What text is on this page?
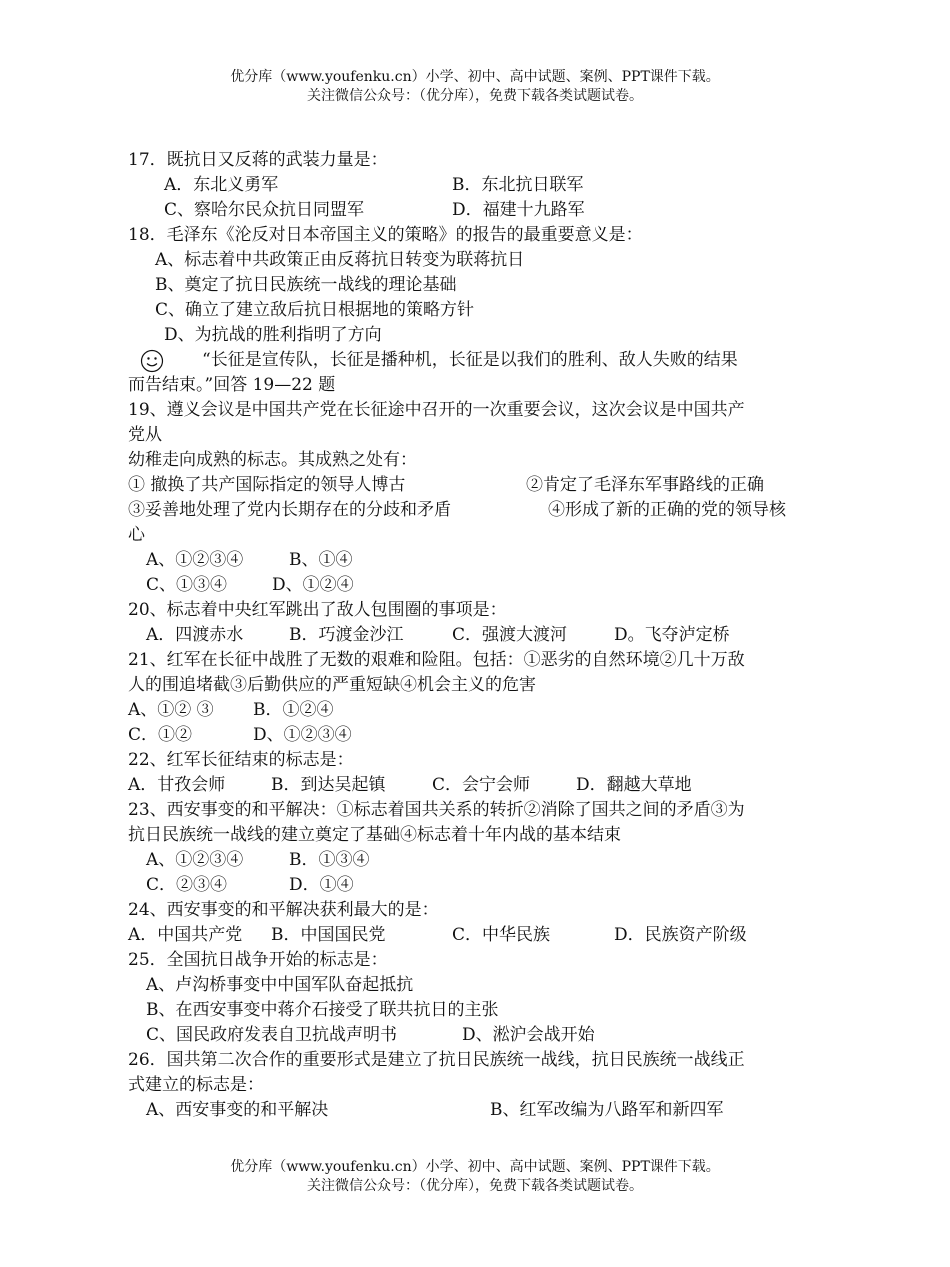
优分库（www.youfenku.cn）小学、初中、高中试题、案例、PPT课件下载。
关注微信公众号：（优分库），免费下载各类试题试卷。
17．既抗日又反蒋的武装力量是：
A．东北义勇军	B．东北抗日联军
C、察哈尔民众抗日同盟军	D．福建十九路军
18．毛泽东《沦反对日本帝国主义的策略》的报告的最重要意义是：
A、标志着中共政策正由反蒋抗日转变为联蒋抗日
B、奠定了抗日民族统一战线的理论基础
C、确立了建立敌后抗日根据地的策略方针
D、为抗战的胜利指明了方向
“长征是宣传队，长征是播种机，长征是以我们的胜利、敌人失败的结果
而告结束。”回答 19—22 题
19、遵义会议是中国共产党在长征途中召开的一次重要会议，这次会议是中国共产
党从
幼稚走向成熟的标志。其成熟之处有：
① 撤换了共产国际指定的领导人博古	②肯定了毛泽东军事路线的正确
③妥善地处理了党内长期存在的分歧和矛盾	④形成了新的正确的党的领导核
心
A、①②③④	B、①④
C、①③④	D、①②④
20、标志着中央红军跳出了敌人包围圈的事项是：
A．四渡赤水	B．巧渡金沙江	C．强渡大渡河	D。飞夺泸定桥
21、红军在长征中战胜了无数的艰难和险阻。包括：①恶劣的自然环境②几十万敌
人的围追堵截③后勤供应的严重短缺④机会主义的危害
A、①② ③ B．①②④
C．①②	D、①②③④
22、红军长征结束的标志是：
A．甘孜会师	B．到达吴起镇	C．会宁会师	D．翻越大草地
23、西安事变的和平解决：①标志着国共关系的转折②消除了国共之间的矛盾③为
抗日民族统一战线的建立奠定了基础④标志着十年内战的基本结束
A、①②③④	B．①③④
C．②③④	D．①④
24、西安事变的和平解决获利最大的是：
A．中国共产党 B．中国国民党	C．中华民族	D．民族资产阶级
25．全国抗日战争开始的标志是：
A、卢沟桥事变中中国军队奋起抵抗
B、在西安事变中蒋介石接受了联共抗日的主张
C、国民政府发表自卫抗战声明书	D、淞沪会战开始
26．国共第二次合作的重要形式是建立了抗日民族统一战线，抗日民族统一战线正
式建立的标志是：
A、西安事变的和平解决	B、红军改编为八路军和新四军
优分库（www.youfenku.cn）小学、初中、高中试题、案例、PPT课件下载。
关注微信公众号：（优分库），免费下载各类试题试卷。
